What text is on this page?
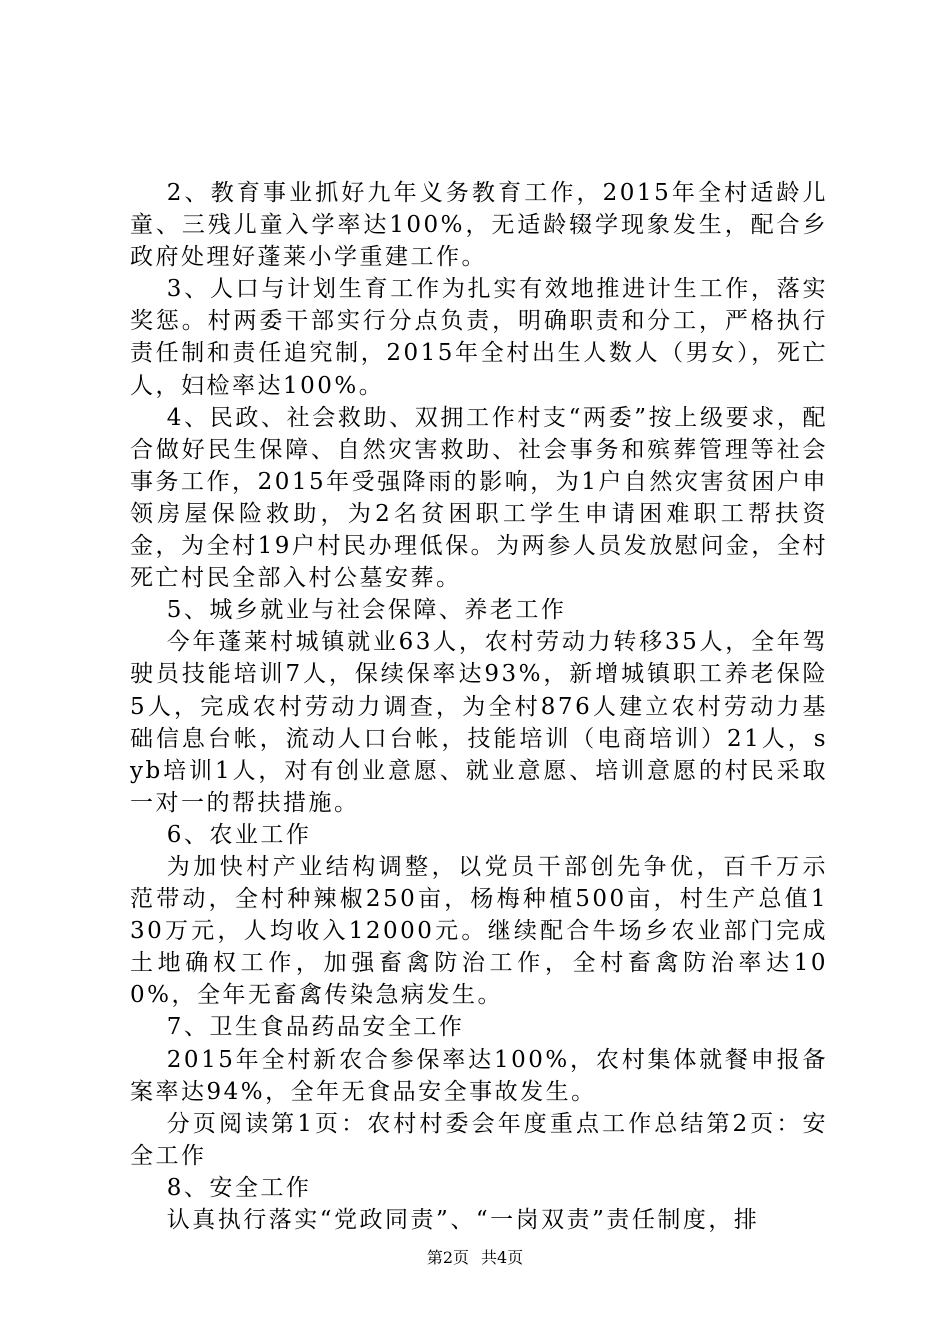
2、教育事业抓好九年义务教育工作，2015年全村适龄儿童、三残儿童入学率达100%，无适龄辍学现象发生，配合乡政府处理好蓬莱小学重建工作。

3、人口与计划生育工作为扎实有效地推进计生工作，落实奖惩。村两委干部实行分点负责，明确职责和分工，严格执行责任制和责任追究制，2015年全村出生人数人（男女），死亡人，妇检率达100%。

4、民政、社会救助、双拥工作村支“两委”按上级要求，配合做好民生保障、自然灾害救助、社会事务和殡葬管理等社会事务工作，2015年受强降雨的影响，为1户自然灾害贫困户申领房屋保险救助，为2名贫困职工学生申请困难职工帮扶资金，为全村19户村民办理低保。为两参人员发放慰问金，全村死亡村民全部入村公墓安葬。

5、城乡就业与社会保障、养老工作

今年蓬莱村城镇就业63人，农村劳动力转移35人，全年驾驶员技能培训7人，保续保率达93%，新增城镇职工养老保险5人，完成农村劳动力调查，为全村876人建立农村劳动力基础信息台帐，流动人口台帐，技能培训（电商培训）21人，syb培训1人，对有创业意愿、就业意愿、培训意愿的村民采取一对一的帮扶措施。

6、农业工作

为加快村产业结构调整，以党员干部创先争优，百千万示范带动，全村种辣椒250亩，杨梅种植500亩，村生产总值130万元，人均收入12000元。继续配合牛场乡农业部门完成土地确权工作，加强畜禽防治工作，全村畜禽防治率达100%，全年无畜禽传染急病发生。

7、卫生食品药品安全工作

2015年全村新农合参保率达100%，农村集体就餐申报备案率达94%，全年无食品安全事故发生。

分页阅读第1页：农村村委会年度重点工作总结第2页：安全工作

8、安全工作

认真执行落实“党政同责”、“一岗双责”责任制度，排

第2页 共4页
